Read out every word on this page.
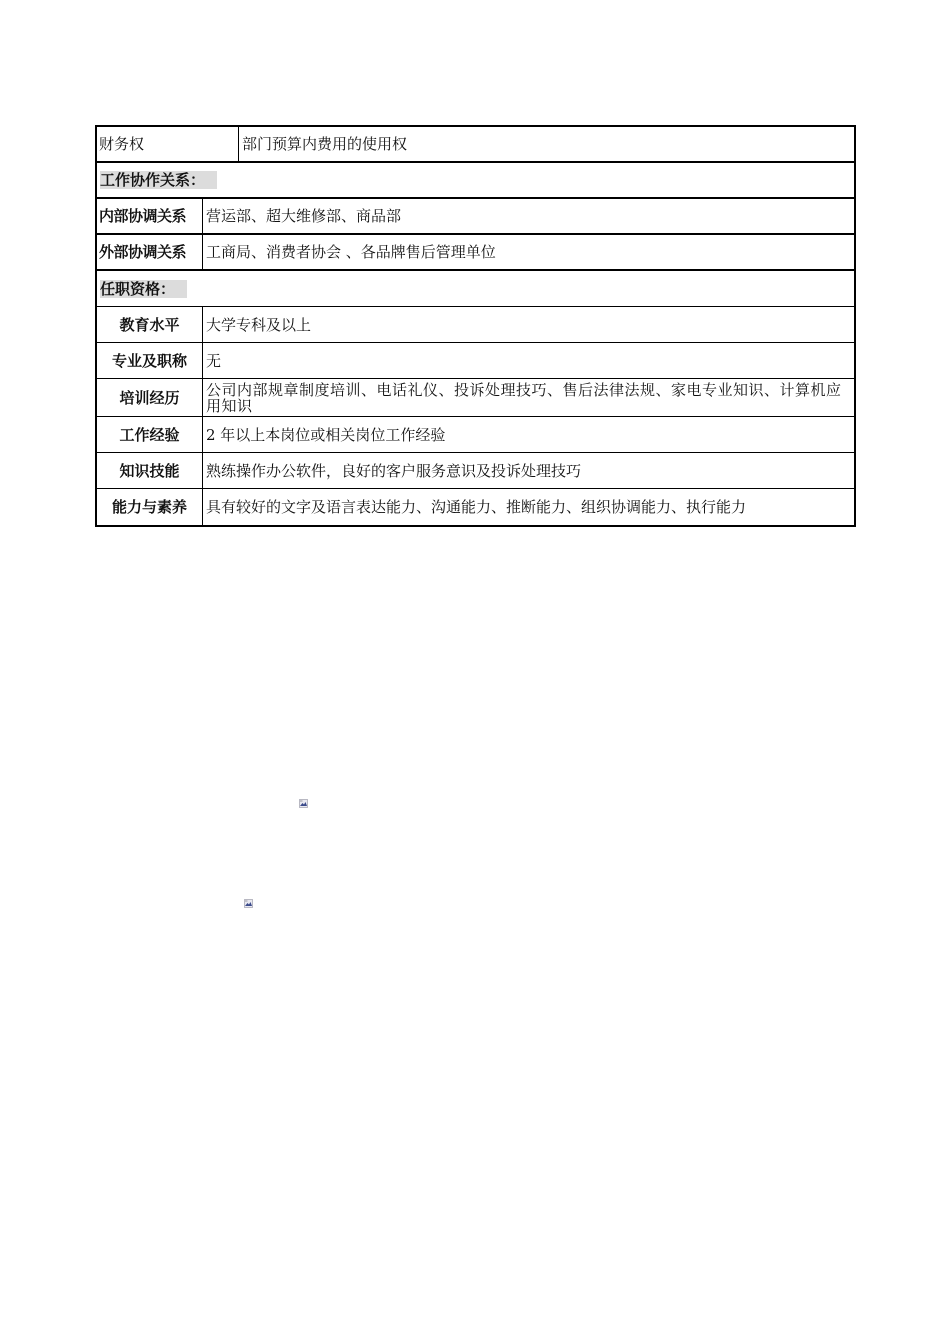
财务权	部门预算内费用的使用权
工作协作关系：
内部协调关系	营运部、超大维修部、商品部
外部协调关系	工商局、消费者协会 、各品牌售后管理单位
任职资格：
教育水平	大学专科及以上
专业及职称	无
培训经历	公司内部规章制度培训、电话礼仪、投诉处理技巧、售后法律法规、家电专业知识、计算机应用知识
工作经验	2 年以上本岗位或相关岗位工作经验
知识技能	熟练操作办公软件，良好的客户服务意识及投诉处理技巧
能力与素养	具有较好的文字及语言表达能力、沟通能力、推断能力、组织协调能力、执行能力
